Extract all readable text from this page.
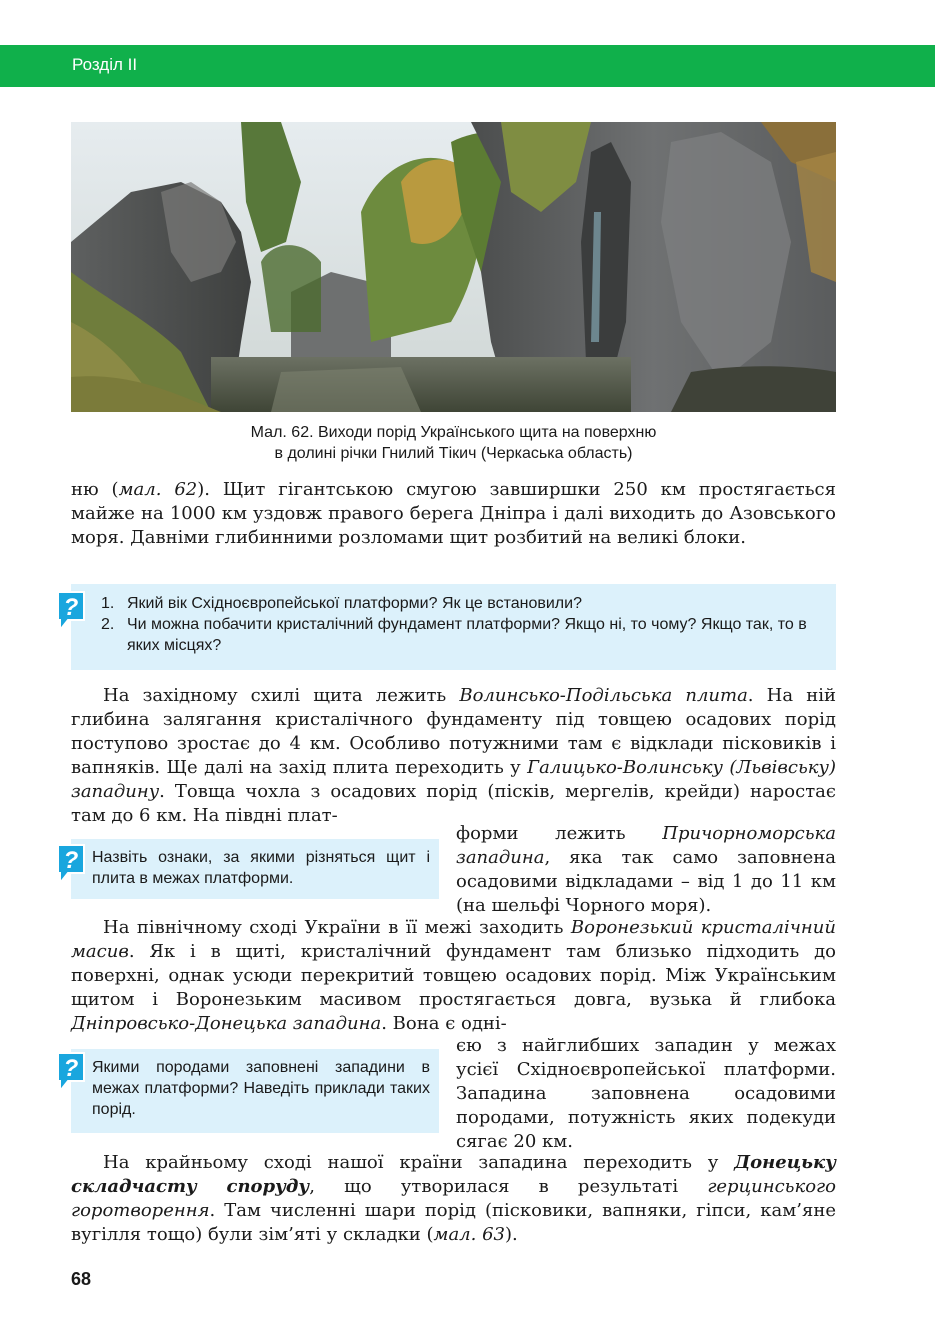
Розділ II
Мал. 62. Виходи порід Українського щита на поверхню
в долині річки Гнилий Тікич (Черкаська область)

ню (мал. 62). Щит гігантською смугою завширшки 250 км простягається майже на 1000 км уздовж правого берега Дніпра і далі виходить до Азовського моря. Давніми глибинними розломами щит розбитий на великі блоки.

1. Який вік Східноєвропейської платформи? Як це встановили?
2. Чи можна побачити кристалічний фундамент платформи? Якщо ні, то чому? Якщо так, то в яких місцях?
?

На західному схилі щита лежить Волинсько-Подільська плита. На ній глибина залягання кристалічного фундаменту під товщею осадових порід поступово зростає до 4 км. Особливо потужними там є відклади пісковиків і вапняків. Ще далі на захід плита переходить у Галицько-Волинську (Львівську) западину. Товща чохла з осадових порід (пісків, мергелів, крейди) наростає там до 6 км. На півдні плат-

форми лежить Причорноморська западина, яка так само заповнена осадовими відкладами – від 1 до 11 км (на шельфі Чорного моря).
Назвіть ознаки, за якими різняться щит і плита в межах платформи.
?

На північному сході України в її межі заходить Воронезький кристалічний масив. Як і в щиті, кристалічний фундамент там близько підходить до поверхні, однак усюди перекритий товщею осадових порід. Між Українським щитом і Воронезьким масивом простягається довга, вузька й глибока Дніпровсько-Донецька западина. Вона є одні-

єю з найглибших западин у межах усієї Східноєвропейської платформи. Западина заповнена осадовими породами, потужність яких подекуди сягає 20 км.
Якими породами заповнені западини в межах платформи? Наведіть приклади таких порід.
?

На крайньому сході нашої країни западина переходить у Донецьку складчасту споруду, що утворилася в результаті герцинського горотворення. Там численні шари порід (пісковики, вапняки, гіпси, кам’яне вугілля тощо) були зім’яті у складки (мал. 63).

68
